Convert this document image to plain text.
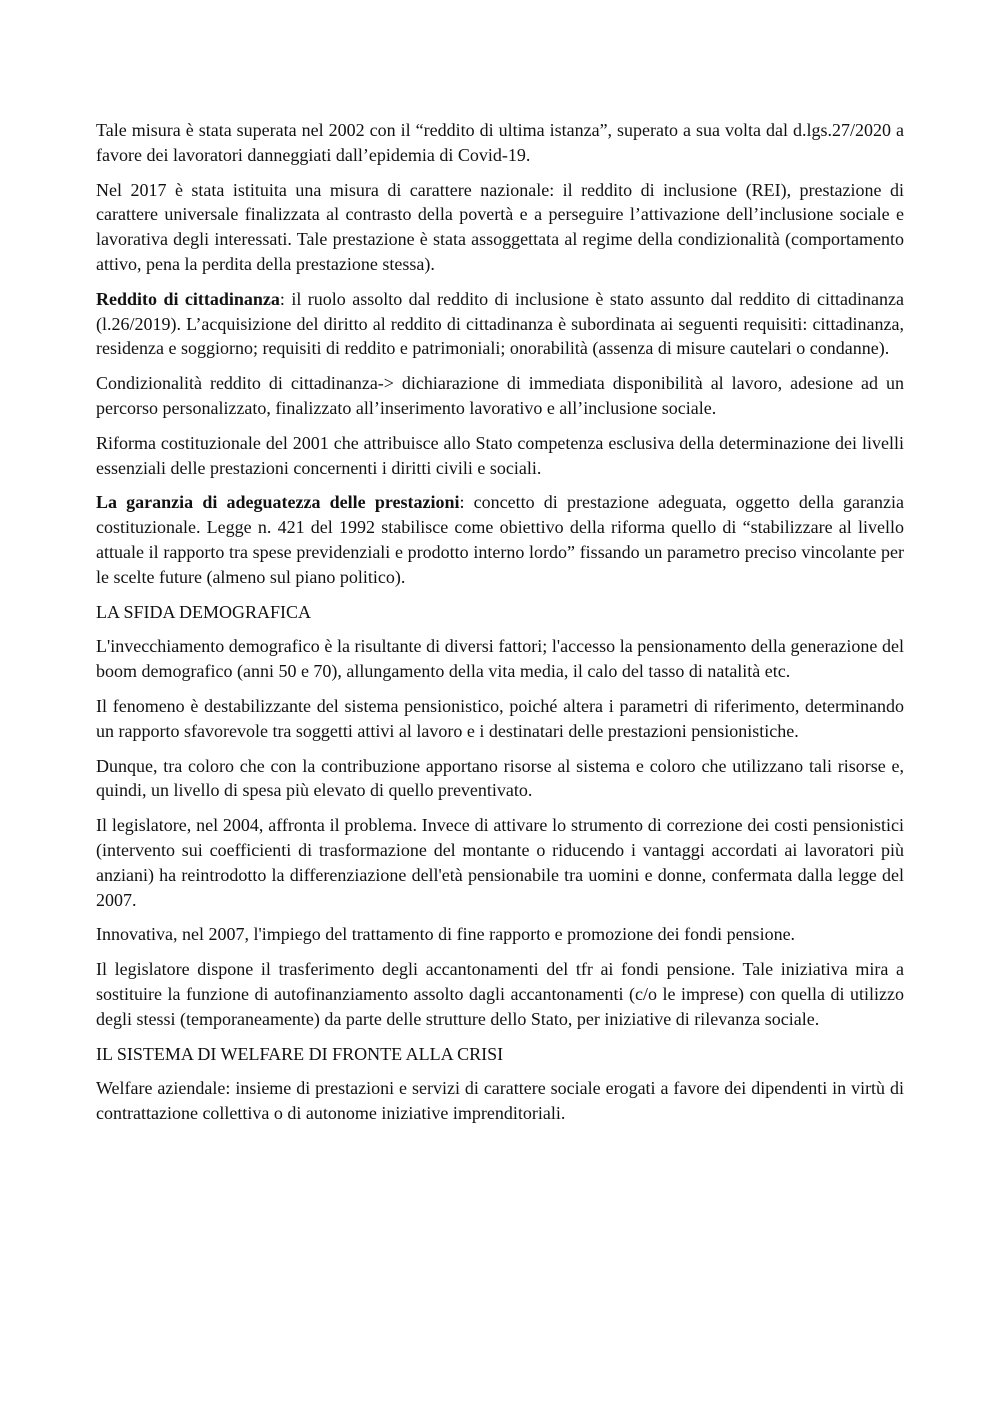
Tale misura è stata superata nel 2002 con il “reddito di ultima istanza”, superato a sua volta dal d.lgs.27/2020 a favore dei lavoratori danneggiati dall’epidemia di Covid-19.

Nel 2017 è stata istituita una misura di carattere nazionale: il reddito di inclusione (REI), prestazione di carattere universale finalizzata al contrasto della povertà e a perseguire l’attivazione dell’inclusione sociale e lavorativa degli interessati. Tale prestazione è stata assoggettata al regime della condizionalità (comportamento attivo, pena la perdita della prestazione stessa).

Reddito di cittadinanza: il ruolo assolto dal reddito di inclusione è stato assunto dal reddito di cittadinanza (l.26/2019). L’acquisizione del diritto al reddito di cittadinanza è subordinata ai seguenti requisiti: cittadinanza, residenza e soggiorno; requisiti di reddito e patrimoniali; onorabilità (assenza di misure cautelari o condanne).

Condizionalità reddito di cittadinanza-> dichiarazione di immediata disponibilità al lavoro, adesione ad un percorso personalizzato, finalizzato all’inserimento lavorativo e all’inclusione sociale.

Riforma costituzionale del 2001 che attribuisce allo Stato competenza esclusiva della determinazione dei livelli essenziali delle prestazioni concernenti i diritti civili e sociali.

La garanzia di adeguatezza delle prestazioni: concetto di prestazione adeguata, oggetto della garanzia costituzionale. Legge n. 421 del 1992 stabilisce come obiettivo della riforma quello di “stabilizzare al livello attuale il rapporto tra spese previdenziali e prodotto interno lordo” fissando un parametro preciso vincolante per le scelte future (almeno sul piano politico).

LA SFIDA DEMOGRAFICA

L'invecchiamento demografico è la risultante di diversi fattori; l'accesso la pensionamento della generazione del boom demografico (anni 50 e 70), allungamento della vita media, il calo del tasso di natalità etc.

Il fenomeno è destabilizzante del sistema pensionistico, poiché altera i parametri di riferimento, determinando un rapporto sfavorevole tra soggetti attivi al lavoro e i destinatari delle prestazioni pensionistiche.

Dunque, tra coloro che con la contribuzione apportano risorse al sistema e coloro che utilizzano tali risorse e, quindi, un livello di spesa più elevato di quello preventivato.

Il legislatore, nel 2004, affronta il problema. Invece di attivare lo strumento di correzione dei costi pensionistici (intervento sui coefficienti di trasformazione del montante o riducendo i vantaggi accordati ai lavoratori più anziani) ha reintrodotto la differenziazione dell'età pensionabile tra uomini e donne, confermata dalla legge del 2007.

Innovativa, nel 2007, l'impiego del trattamento di fine rapporto e promozione dei fondi pensione.

Il legislatore dispone il trasferimento degli accantonamenti del tfr ai fondi pensione. Tale iniziativa mira a sostituire la funzione di autofinanziamento assolto dagli accantonamenti (c/o le imprese) con quella di utilizzo degli stessi (temporaneamente) da parte delle strutture dello Stato, per iniziative di rilevanza sociale.

IL SISTEMA DI WELFARE DI FRONTE ALLA CRISI

Welfare aziendale: insieme di prestazioni e servizi di carattere sociale erogati a favore dei dipendenti in virtù di contrattazione collettiva o di autonome iniziative imprenditoriali.
